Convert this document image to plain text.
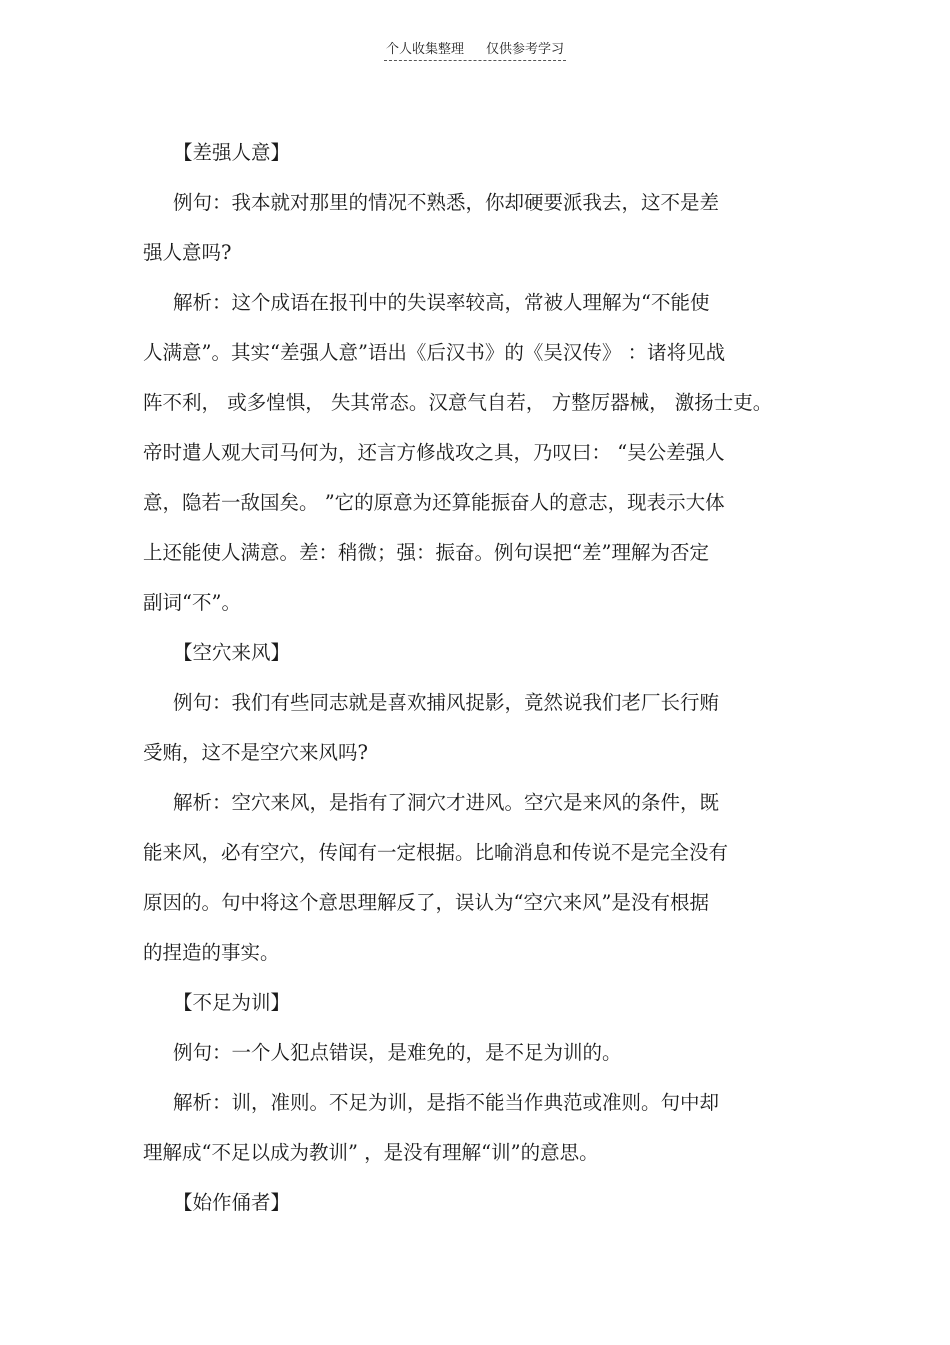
个人收集整理 仅供参考学习
【差强人意】
例句：我本就对那里的情况不熟悉，你却硬要派我去，这不是差
强人意吗?
解析：这个成语在报刊中的失误率较高，常被人理解为“不能使
人满意”。其实“差强人意”语出《后汉书》的《吴汉传》 ：诸将见战
阵不利， 或多惶惧， 失其常态。汉意气自若， 方整厉器械， 激扬士吏。
帝时遣人观大司马何为，还言方修战攻之具，乃叹曰： “吴公差强人
意，隐若一敌国矣。 ”它的原意为还算能振奋人的意志，现表示大体
上还能使人满意。差：稍微；强：振奋。例句误把“差”理解为否定
副词“不”。
【空穴来风】
例句：我们有些同志就是喜欢捕风捉影，竟然说我们老厂长行贿
受贿，这不是空穴来风吗?
解析：空穴来风，是指有了洞穴才进风。空穴是来风的条件，既
能来风，必有空穴，传闻有一定根据。比喻消息和传说不是完全没有
原因的。句中将这个意思理解反了，误认为“空穴来风”是没有根据
的捏造的事实。
【不足为训】
例句：一个人犯点错误，是难免的，是不足为训的。
解析：训，准则。不足为训，是指不能当作典范或准则。句中却
理解成“不足以成为教训” ，是没有理解“训”的意思。
【始作俑者】
